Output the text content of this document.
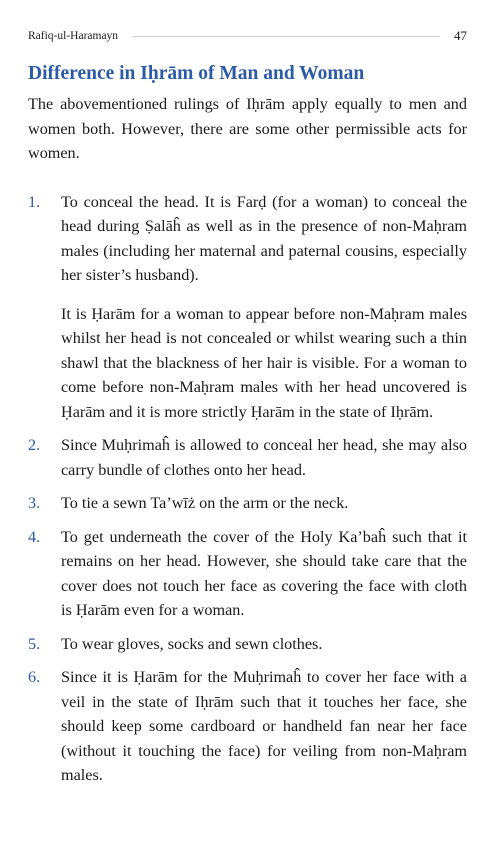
Rafiq-ul-Haramayn	47
Difference in Iḥrām of Man and Woman

The abovementioned rulings of Iḥrām apply equally to men and women both. However, there are some other permissible acts for women.

1.	To conceal the head. It is Farḍ (for a woman) to conceal the head during Ṣalāĥ as well as in the presence of non-Maḥram males (including her maternal and paternal cousins, especially her sister’s husband).

It is Ḥarām for a woman to appear before non-Maḥram males whilst her head is not concealed or whilst wearing such a thin shawl that the blackness of her hair is visible. For a woman to come before non-Maḥram males with her head uncovered is Ḥarām and it is more strictly Ḥarām in the state of Iḥrām.

2.	Since Muḥrimaĥ is allowed to conceal her head, she may also carry bundle of clothes onto her head.

3.	To tie a sewn Ta’wīż on the arm or the neck.

4.	To get underneath the cover of the Holy Ka’baĥ such that it remains on her head. However, she should take care that the cover does not touch her face as covering the face with cloth is Ḥarām even for a woman.

5.	To wear gloves, socks and sewn clothes.

6.	Since it is Ḥarām for the Muḥrimaĥ to cover her face with a veil in the state of Iḥrām such that it touches her face, she should keep some cardboard or handheld fan near her face (without it touching the face) for veiling from non-Maḥram males.
